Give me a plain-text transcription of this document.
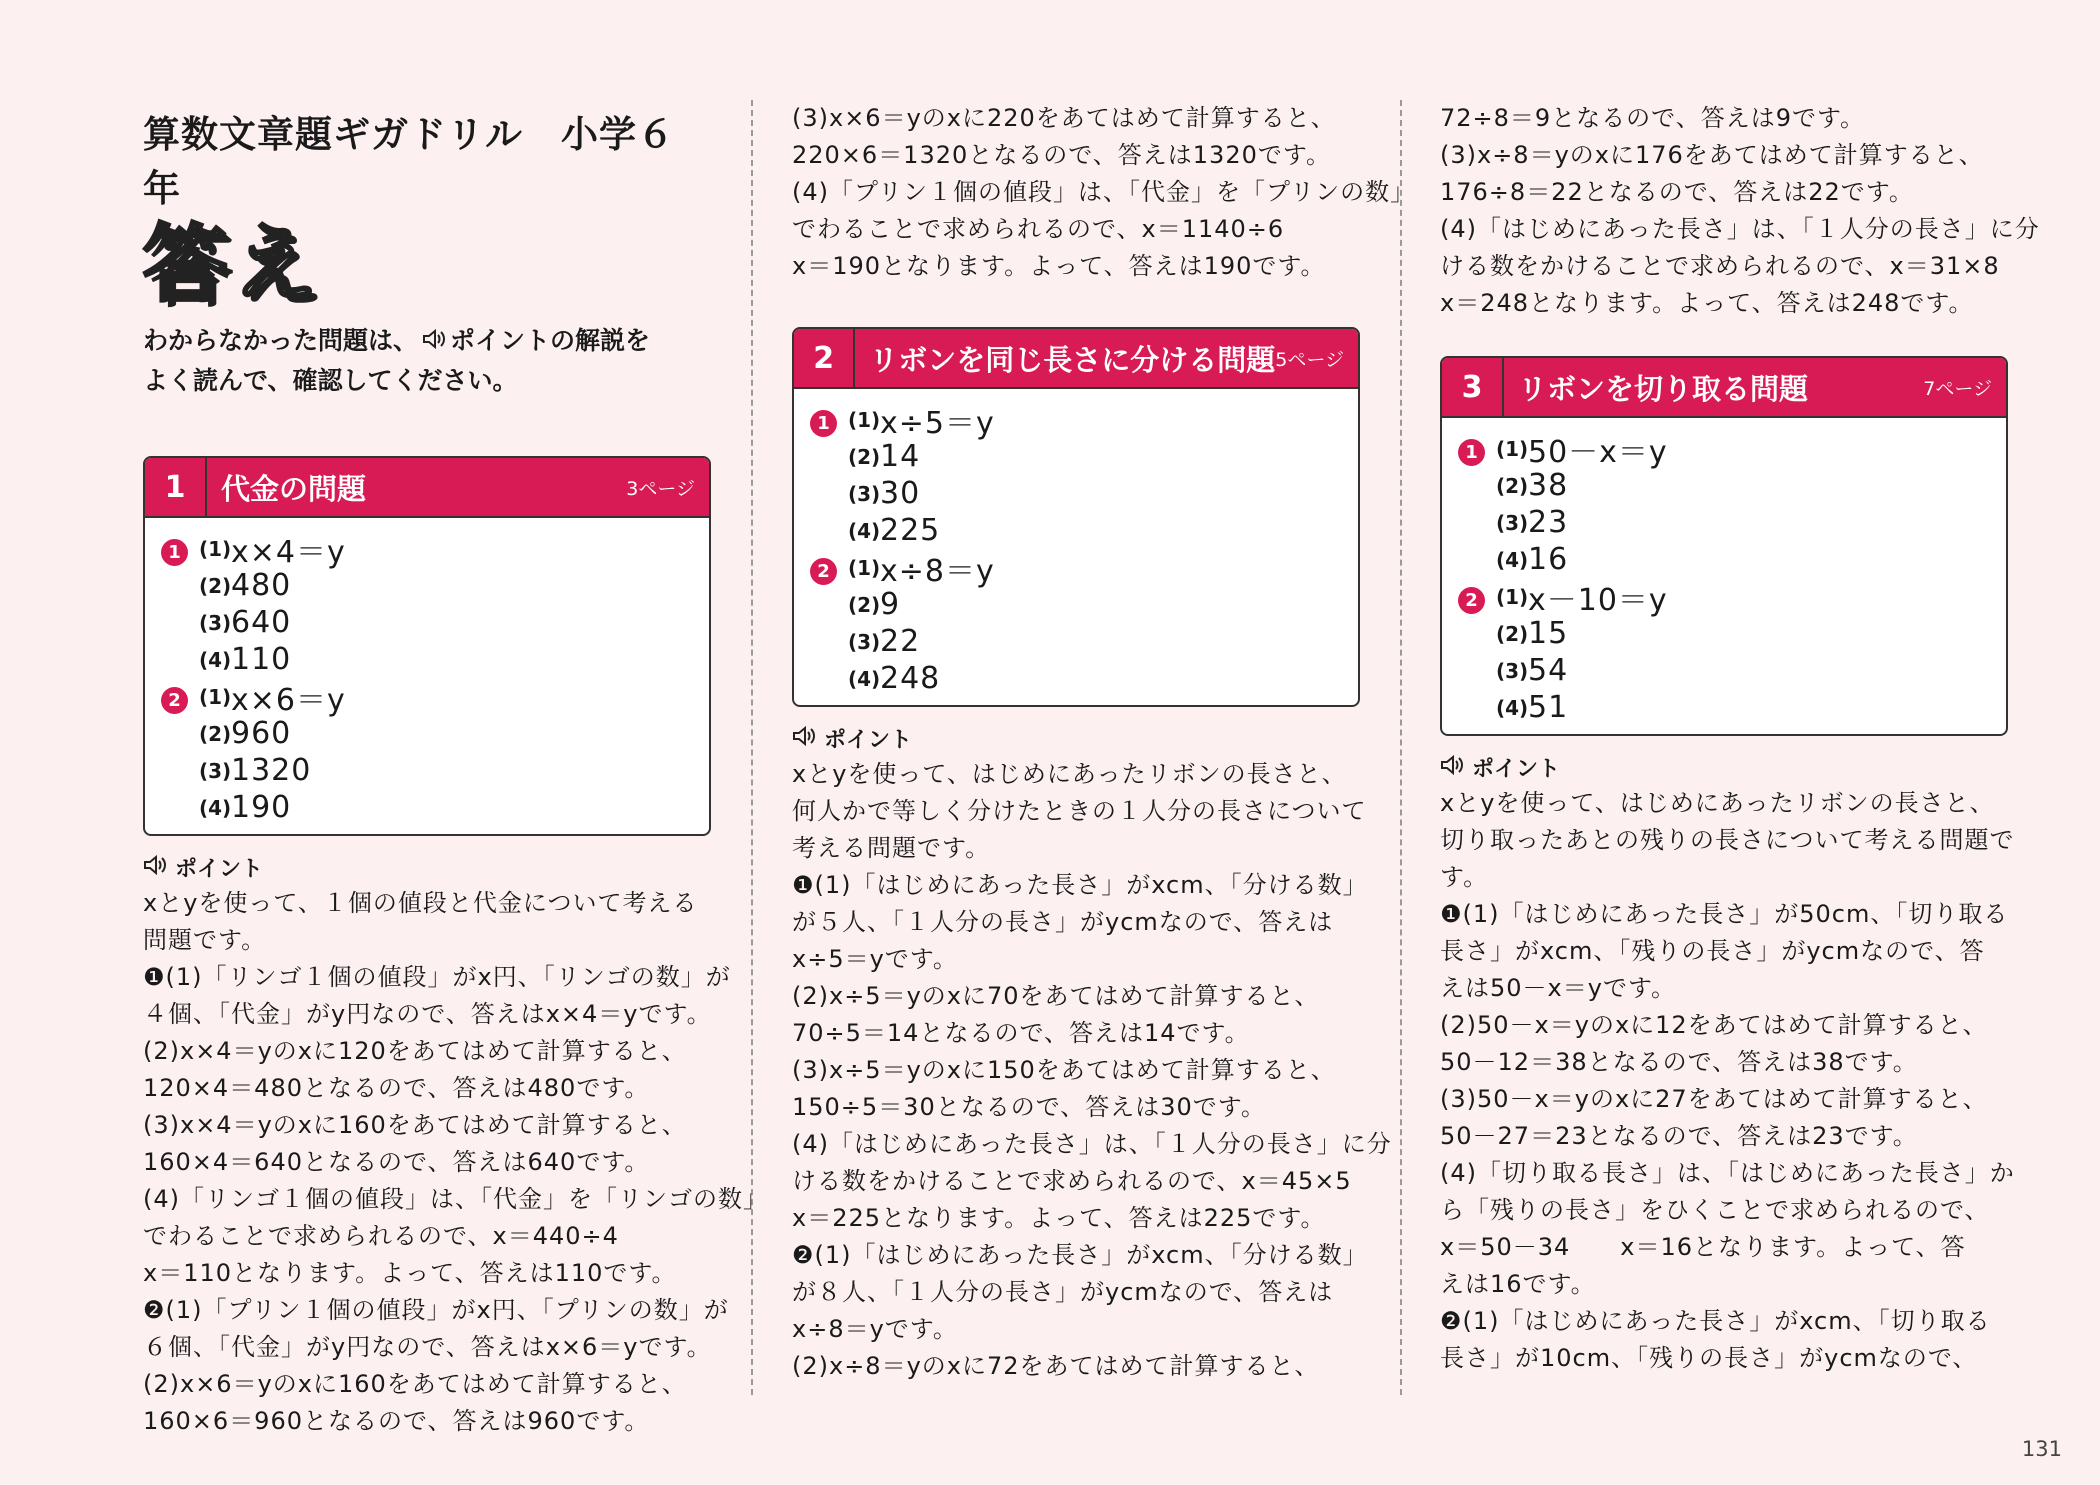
算数文章題ギガドリル　小学６年
答え
わからなかった問題は、 ポイントの解説を
よく読んで、確認してください。
1	代金の問題	3ページ
1 (1) x×4＝y
(2) 480
(3) 640
(4) 110
2 (1) x×6＝y
(2) 960
(3) 1320
(4) 190
ポイント
xとyを使って、１個の値段と代金について考える
問題です。
❶(1)「リンゴ１個の値段」がx円、「リンゴの数」が
４個、「代金」がy円なので、答えはx×4＝yです。
(2)x×4＝yのxに120をあてはめて計算すると、
120×4＝480となるので、答えは480です。
(3)x×4＝yのxに160をあてはめて計算すると、
160×4＝640となるので、答えは640です。
(4)「リンゴ１個の値段」は、「代金」を「リンゴの数」
でわることで求められるので、x＝440÷4
x＝110となります。よって、答えは110です。
❷(1)「プリン１個の値段」がx円、「プリンの数」が
６個、「代金」がy円なので、答えはx×6＝yです。
(2)x×6＝yのxに160をあてはめて計算すると、
160×6＝960となるので、答えは960です。
(3)x×6＝yのxに220をあてはめて計算すると、
220×6＝1320となるので、答えは1320です。
(4)「プリン１個の値段」は、「代金」を「プリンの数」
でわることで求められるので、x＝1140÷6
x＝190となります。よって、答えは190です。
2	リボンを同じ長さに分ける問題 5ページ
1 (1) x÷5＝y
(2) 14
(3) 30
(4) 225
2 (1) x÷8＝y
(2) 9
(3) 22
(4) 248
ポイント
xとyを使って、はじめにあったリボンの長さと、
何人かで等しく分けたときの１人分の長さについて
考える問題です。
❶(1)「はじめにあった長さ」がxcm、「分ける数」
が５人、「１人分の長さ」がycmなので、答えは
x÷5＝yです。
(2)x÷5＝yのxに70をあてはめて計算すると、
70÷5＝14となるので、答えは14です。
(3)x÷5＝yのxに150をあてはめて計算すると、
150÷5＝30となるので、答えは30です。
(4)「はじめにあった長さ」は、「１人分の長さ」に分
ける数をかけることで求められるので、x＝45×5
x＝225となります。よって、答えは225です。
❷(1)「はじめにあった長さ」がxcm、「分ける数」
が８人、「１人分の長さ」がycmなので、答えは
x÷8＝yです。
(2)x÷8＝yのxに72をあてはめて計算すると、
72÷8＝9となるので、答えは9です。
(3)x÷8＝yのxに176をあてはめて計算すると、
176÷8＝22となるので、答えは22です。
(4)「はじめにあった長さ」は、「１人分の長さ」に分
ける数をかけることで求められるので、x＝31×8
x＝248となります。よって、答えは248です。
3	リボンを切り取る問題	7ページ
1 (1) 50－x＝y
(2) 38
(3) 23
(4) 16
2 (1) x－10＝y
(2) 15
(3) 54
(4) 51
ポイント
xとyを使って、はじめにあったリボンの長さと、
切り取ったあとの残りの長さについて考える問題で
す。
❶(1)「はじめにあった長さ」が50cm、「切り取る
長さ」がxcm、「残りの長さ」がycmなので、答
えは50－x＝yです。
(2)50－x＝yのxに12をあてはめて計算すると、
50－12＝38となるので、答えは38です。
(3)50－x＝yのxに27をあてはめて計算すると、
50－27＝23となるので、答えは23です。
(4)「切り取る長さ」は、「はじめにあった長さ」か
ら「残りの長さ」をひくことで求められるので、
x＝50－34　　x＝16となります。よって、答
えは16です。
❷(1)「はじめにあった長さ」がxcm、「切り取る
長さ」が10cm、「残りの長さ」がycmなので、
131
